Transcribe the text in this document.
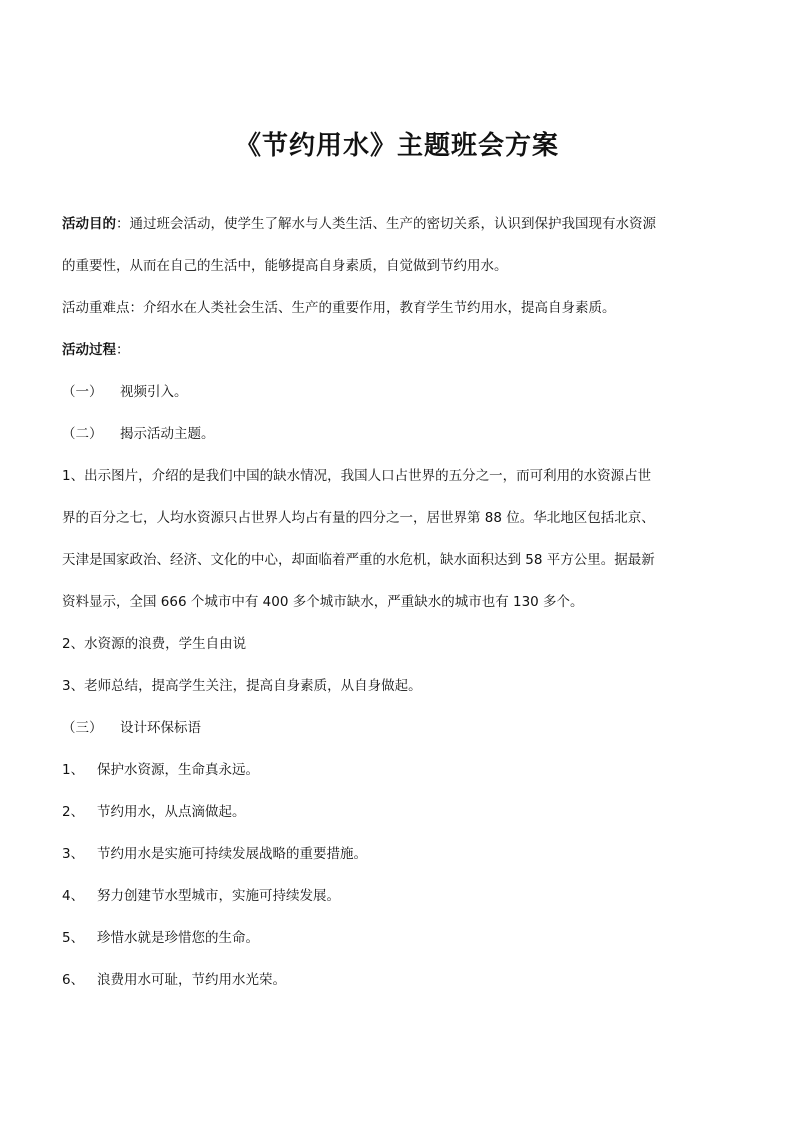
《节约用水》主题班会方案
活动目的：通过班会活动，使学生了解水与人类生活、生产的密切关系，认识到保护我国现有水资源
的重要性，从而在自己的生活中，能够提高自身素质，自觉做到节约用水。
活动重难点：介绍水在人类社会生活、生产的重要作用，教育学生节约用水，提高自身素质。
活动过程：
（一） 视频引入。
（二） 揭示活动主题。
1、出示图片，介绍的是我们中国的缺水情况，我国人口占世界的五分之一，而可利用的水资源占世
界的百分之七，人均水资源只占世界人均占有量的四分之一，居世界第 88 位。华北地区包括北京、
天津是国家政治、经济、文化的中心，却面临着严重的水危机，缺水面积达到 58 平方公里。据最新
资料显示，全国 666 个城市中有 400 多个城市缺水，严重缺水的城市也有 130 多个。
2、水资源的浪费，学生自由说
3、老师总结，提高学生关注，提高自身素质，从自身做起。
（三） 设计环保标语
1、 保护水资源，生命真永远。
2、 节约用水，从点滴做起。
3、 节约用水是实施可持续发展战略的重要措施。
4、 努力创建节水型城市，实施可持续发展。
5、 珍惜水就是珍惜您的生命。
6、 浪费用水可耻，节约用水光荣。
